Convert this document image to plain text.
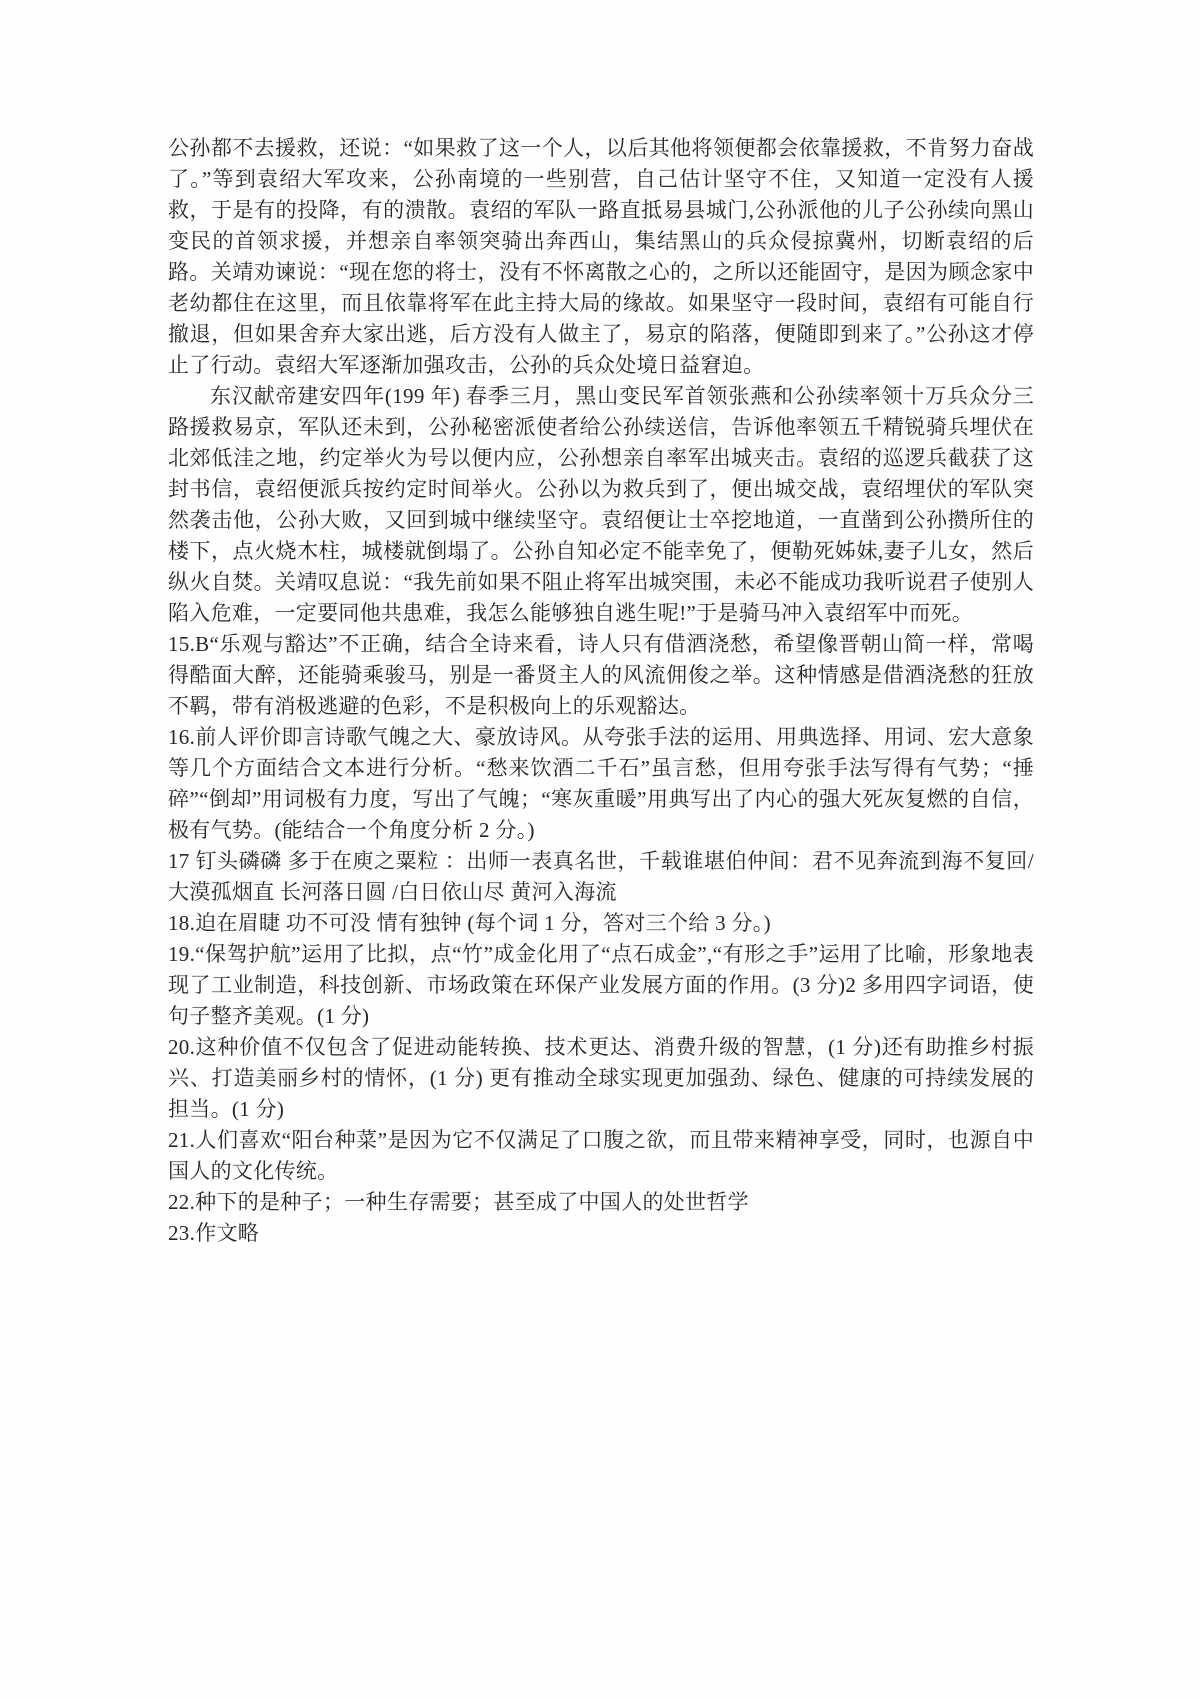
公孙都不去援救，还说：“如果救了这一个人，以后其他将领便都会依靠援救，不肯努力奋战了。”等到袁绍大军攻来，公孙南境的一些别营，自己估计坚守不住，又知道一定没有人援救，于是有的投降，有的溃散。袁绍的军队一路直抵易县城门,公孙派他的儿子公孙续向黑山变民的首领求援，并想亲自率领突骑出奔西山，集结黑山的兵众侵掠冀州，切断袁绍的后路。关靖劝谏说：“现在您的将士，没有不怀离散之心的，之所以还能固守，是因为顾念家中老幼都住在这里，而且依靠将军在此主持大局的缘故。如果坚守一段时间，袁绍有可能自行撤退，但如果舍弃大家出逃，后方没有人做主了，易京的陷落，便随即到来了。”公孙这才停止了行动。袁绍大军逐渐加强攻击，公孙的兵众处境日益窘迫。

东汉献帝建安四年(199 年) 春季三月，黑山变民军首领张燕和公孙续率领十万兵众分三路援救易京，军队还未到，公孙秘密派使者给公孙续送信，告诉他率领五千精锐骑兵埋伏在北郊低洼之地，约定举火为号以便内应，公孙想亲自率军出城夹击。袁绍的巡逻兵截获了这封书信，袁绍便派兵按约定时间举火。公孙以为救兵到了，便出城交战，袁绍埋伏的军队突然袭击他，公孙大败，又回到城中继续坚守。袁绍便让士卒挖地道，一直凿到公孙攒所住的楼下，点火烧木柱，城楼就倒塌了。公孙自知必定不能幸免了，便勒死姊妹,妻子儿女，然后纵火自焚。关靖叹息说：“我先前如果不阻止将军出城突围，未必不能成功我听说君子使别人陷入危难，一定要同他共患难，我怎么能够独自逃生呢!”于是骑马冲入袁绍军中而死。

15.B“乐观与豁达”不正确，结合全诗来看，诗人只有借酒浇愁，希望像晋朝山简一样，常喝得酷面大醉，还能骑乘骏马，别是一番贤主人的风流佣俊之举。这种情感是借酒浇愁的狂放不羁，带有消极逃避的色彩，不是积极向上的乐观豁达。

16.前人评价即言诗歌气魄之大、豪放诗风。从夸张手法的运用、用典选择、用词、宏大意象等几个方面结合文本进行分析。“愁来饮酒二千石”虽言愁，但用夸张手法写得有气势；“捶碎”“倒却”用词极有力度，写出了气魄；“寒灰重暖”用典写出了内心的强大死灰复燃的自信，极有气势。(能结合一个角度分析 2 分。)

17 钉头磷磷 多于在庾之粟粒 ：出师一表真名世，千载谁堪伯仲间：君不见奔流到海不复回/大漠孤烟直 长河落日圆 /白日依山尽 黄河入海流

18.迫在眉睫 功不可没 情有独钟 (每个词 1 分，答对三个给 3 分。)

19.“保驾护航”运用了比拟，点“竹”成金化用了“点石成金”,“有形之手”运用了比喻，形象地表现了工业制造，科技创新、市场政策在环保产业发展方面的作用。(3 分)2 多用四字词语，使句子整齐美观。(1 分)

20.这种价值不仅包含了促进动能转换、技术更达、消费升级的智慧，(1 分)还有助推乡村振兴、打造美丽乡村的情怀，(1 分) 更有推动全球实现更加强劲、绿色、健康的可持续发展的担当。(1 分)

21.人们喜欢“阳台种菜”是因为它不仅满足了口腹之欲，而且带来精神享受，同时，也源自中国人的文化传统。

22.种下的是种子；一种生存需要；甚至成了中国人的处世哲学

23.作文略
